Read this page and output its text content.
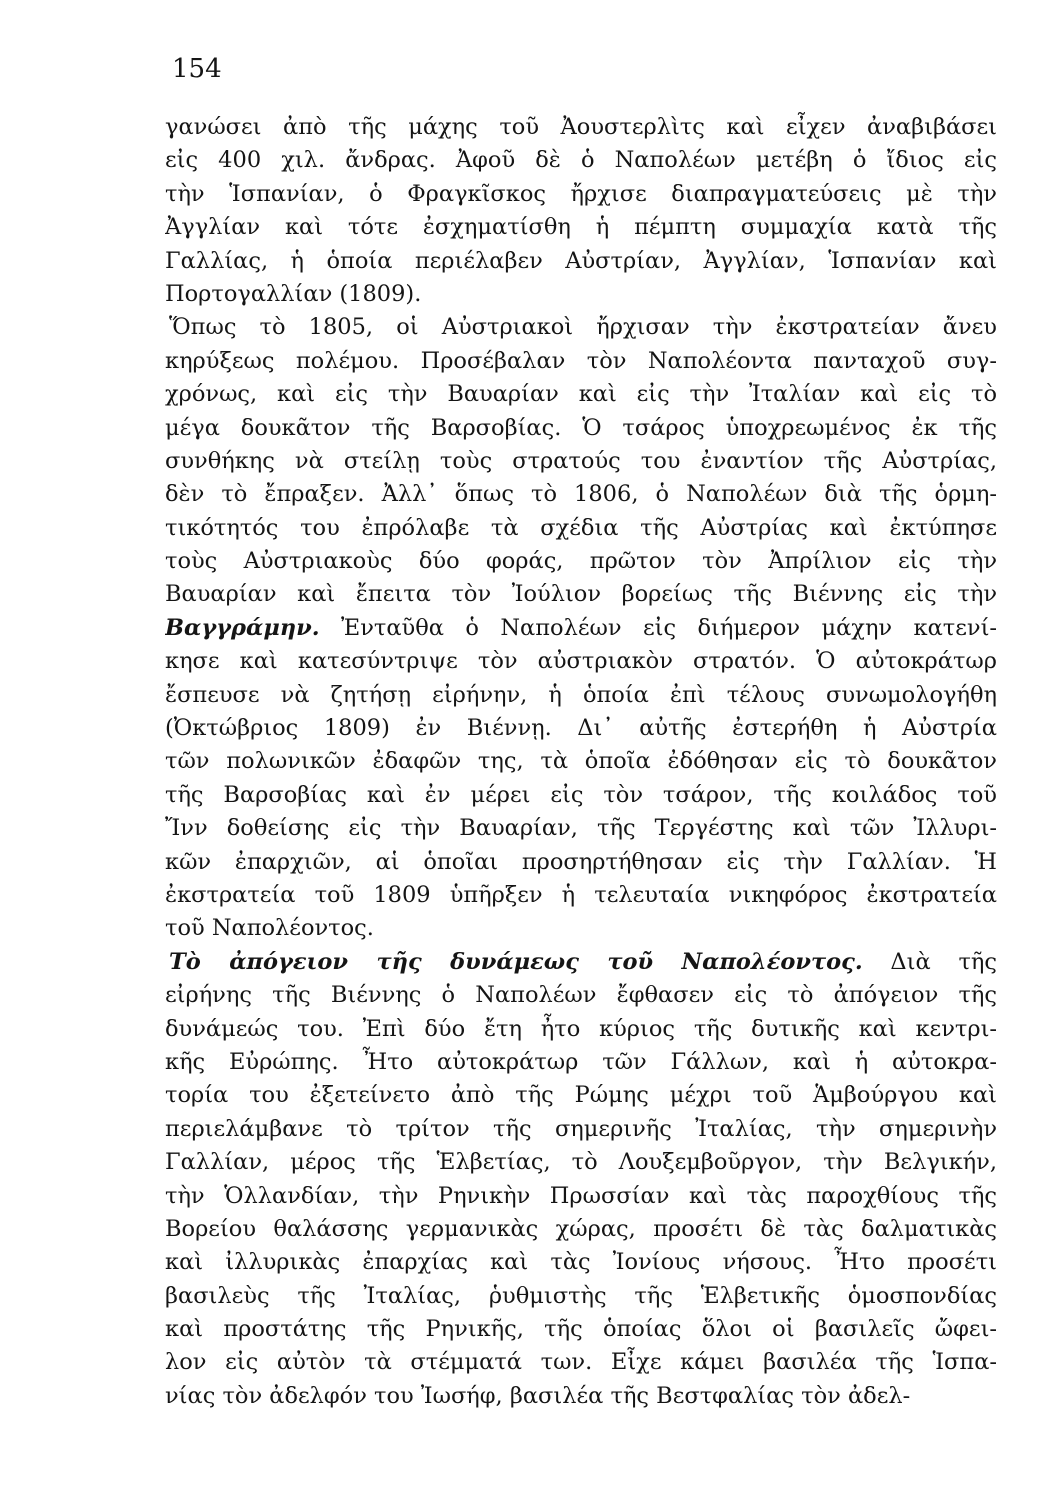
154
γανώσει ἀπὸ τῆς μάχης τοῦ Ἀουστερλὶτς καὶ εἶχεν ἀναβιβάσει
εἰς 400 χιλ. ἄνδρας. Ἀφοῦ δὲ ὁ Ναπολέων μετέβη ὁ ἴδιος εἰς
τὴν Ἱσπανίαν, ὁ Φραγκῖσκος ἤρχισε διαπραγματεύσεις μὲ τὴν
Ἀγγλίαν καὶ τότε ἐσχηματίσθη ἡ πέμπτη συμμαχία κατὰ τῆς
Γαλλίας, ἡ ὁποία περιέλαβεν Αὐστρίαν, Ἀγγλίαν, Ἱσπανίαν καὶ
Πορτογαλλίαν (1809).
Ὅπως τὸ 1805, οἱ Αὐστριακοὶ ἤρχισαν τὴν ἐκστρατείαν ἄνευ
κηρύξεως πολέμου. Προσέβαλαν τὸν Ναπολέοντα πανταχοῦ συγ-
χρόνως, καὶ εἰς τὴν Βαυαρίαν καὶ εἰς τὴν Ἰταλίαν καὶ εἰς τὸ
μέγα δουκᾶτον τῆς Βαρσοβίας. Ὁ τσάρος ὑποχρεωμένος ἐκ τῆς
συνθήκης νὰ στείλῃ τοὺς στρατούς του ἐναντίον τῆς Αὐστρίας,
δὲν τὸ ἔπραξεν. Ἀλλ᾽ ὅπως τὸ 1806, ὁ Ναπολέων διὰ τῆς ὁρμη-
τικότητός του ἐπρόλαβε τὰ σχέδια τῆς Αὐστρίας καὶ ἐκτύπησε
τοὺς Αὐστριακοὺς δύο φοράς, πρῶτον τὸν Ἀπρίλιον εἰς τὴν
Βαυαρίαν καὶ ἔπειτα τὸν Ἰούλιον βορείως τῆς Βιέννης εἰς τὴν
Βαγγράμην. Ἐνταῦθα ὁ Ναπολέων εἰς διήμερον μάχην κατενί-
κησε καὶ κατεσύντριψε τὸν αὐστριακὸν στρατόν. Ὁ αὐτοκράτωρ
ἔσπευσε νὰ ζητήσῃ εἰρήνην, ἡ ὁποία ἐπὶ τέλους συνωμολογήθη
(Ὀκτώβριος 1809) ἐν Βιέννῃ. Δι᾽ αὐτῆς ἐστερήθη ἡ Αὐστρία
τῶν πολωνικῶν ἐδαφῶν της, τὰ ὁποῖα ἐδόθησαν εἰς τὸ δουκᾶτον
τῆς Βαρσοβίας καὶ ἐν μέρει εἰς τὸν τσάρον, τῆς κοιλάδος τοῦ
Ἴνν δοθείσης εἰς τὴν Βαυαρίαν, τῆς Τεργέστης καὶ τῶν Ἰλλυρι-
κῶν ἐπαρχιῶν, αἱ ὁποῖαι προσηρτήθησαν εἰς τὴν Γαλλίαν. Ἡ
ἐκστρατεία τοῦ 1809 ὑπῆρξεν ἡ τελευταία νικηφόρος ἐκστρατεία
τοῦ Ναπολέοντος.
Τὸ ἀπόγειον τῆς δυνάμεως τοῦ Ναπολέοντος. Διὰ τῆς
εἰρήνης τῆς Βιέννης ὁ Ναπολέων ἔφθασεν εἰς τὸ ἀπόγειον τῆς
δυνάμεώς του. Ἐπὶ δύο ἔτη ἦτο κύριος τῆς δυτικῆς καὶ κεντρι-
κῆς Εὐρώπης. Ἦτο αὐτοκράτωρ τῶν Γάλλων, καὶ ἡ αὐτοκρα-
τορία του ἐξετείνετο ἀπὸ τῆς Ρώμης μέχρι τοῦ Ἁμβούργου καὶ
περιελάμβανε τὸ τρίτον τῆς σημερινῆς Ἰταλίας, τὴν σημερινὴν
Γαλλίαν, μέρος τῆς Ἑλβετίας, τὸ Λουξεμβοῦργον, τὴν Βελγικήν,
τὴν Ὁλλανδίαν, τὴν Ρηνικὴν Πρωσσίαν καὶ τὰς παροχθίους τῆς
Βορείου θαλάσσης γερμανικὰς χώρας, προσέτι δὲ τὰς δαλματικὰς
καὶ ἰλλυρικὰς ἐπαρχίας καὶ τὰς Ἰονίους νήσους. Ἦτο προσέτι
βασιλεὺς τῆς Ἰταλίας, ῥυθμιστὴς τῆς Ἑλβετικῆς ὁμοσπονδίας
καὶ προστάτης τῆς Ρηνικῆς, τῆς ὁποίας ὅλοι οἱ βασιλεῖς ὤφει-
λον εἰς αὐτὸν τὰ στέμματά των. Εἶχε κάμει βασιλέα τῆς Ἱσπα-
νίας τὸν ἀδελφόν του Ἰωσήφ, βασιλέα τῆς Βεστφαλίας τὸν ἀδελ-
